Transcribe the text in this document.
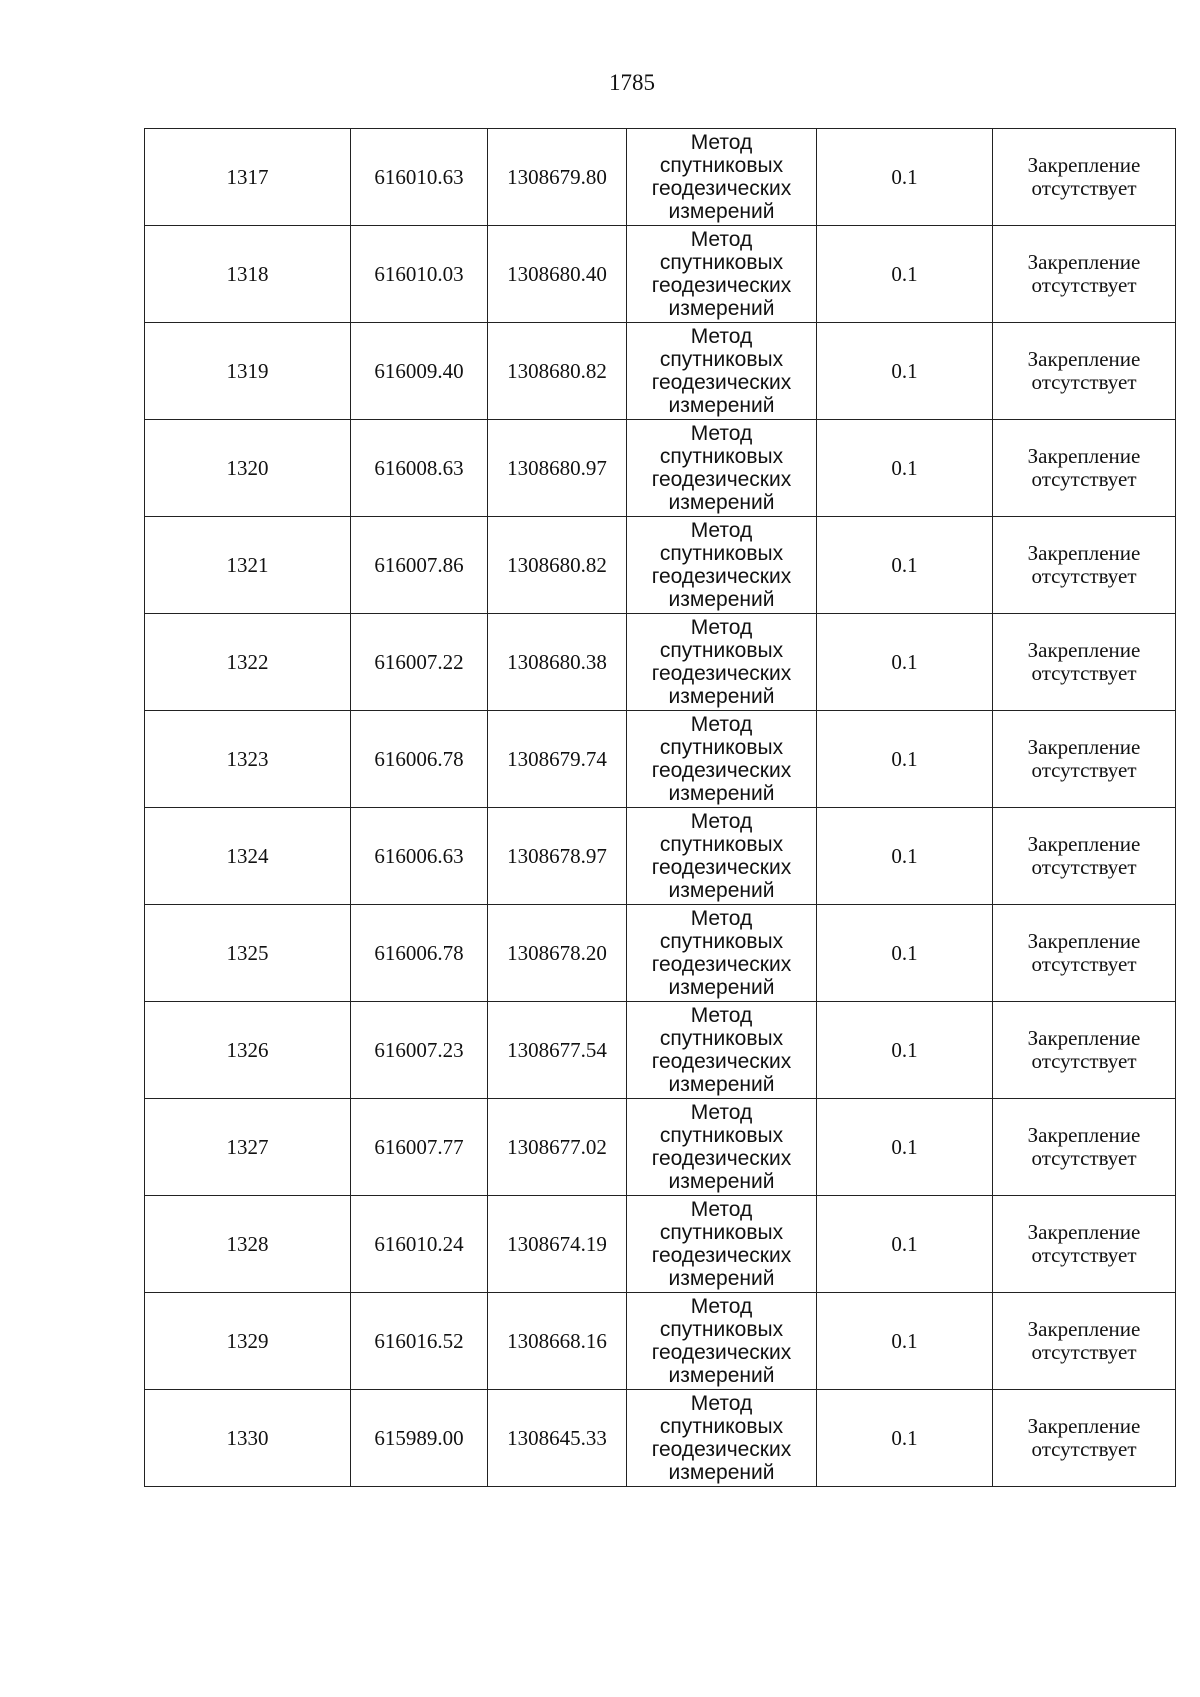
1785
1317	616010.63	1308679.80	Метод
спутниковых
геодезических
измерений	0.1	Закрепление
отсутствует

1318	616010.03	1308680.40	Метод
спутниковых
геодезических
измерений	0.1	Закрепление
отсутствует

1319	616009.40	1308680.82	Метод
спутниковых
геодезических
измерений	0.1	Закрепление
отсутствует

1320	616008.63	1308680.97	Метод
спутниковых
геодезических
измерений	0.1	Закрепление
отсутствует

1321	616007.86	1308680.82	Метод
спутниковых
геодезических
измерений	0.1	Закрепление
отсутствует

1322	616007.22	1308680.38	Метод
спутниковых
геодезических
измерений	0.1	Закрепление
отсутствует

1323	616006.78	1308679.74	Метод
спутниковых
геодезических
измерений	0.1	Закрепление
отсутствует

1324	616006.63	1308678.97	Метод
спутниковых
геодезических
измерений	0.1	Закрепление
отсутствует

1325	616006.78	1308678.20	Метод
спутниковых
геодезических
измерений	0.1	Закрепление
отсутствует

1326	616007.23	1308677.54	Метод
спутниковых
геодезических
измерений	0.1	Закрепление
отсутствует

1327	616007.77	1308677.02	Метод
спутниковых
геодезических
измерений	0.1	Закрепление
отсутствует

1328	616010.24	1308674.19	Метод
спутниковых
геодезических
измерений	0.1	Закрепление
отсутствует

1329	616016.52	1308668.16	Метод
спутниковых
геодезических
измерений	0.1	Закрепление
отсутствует

1330	615989.00	1308645.33	Метод
спутниковых
геодезических
измерений	0.1	Закрепление
отсутствует
